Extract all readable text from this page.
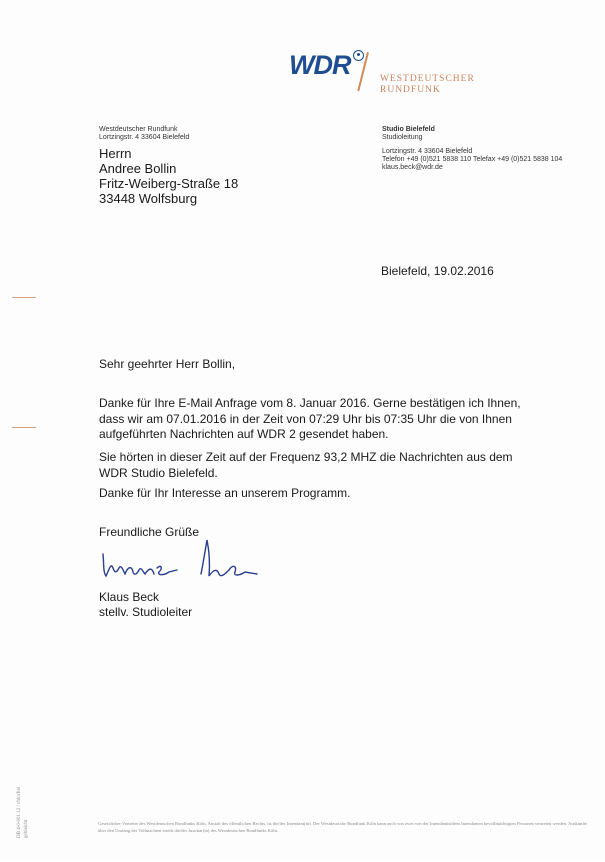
WDR	WESTDEUTSCHER
RUNDFUNK
Westdeutscher Rundfunk
Lortzingstr. 4 33604 Bielefeld
Herrn
Andree Bollin
Fritz-Weiberg-Straße 18
33448 Wolfsburg
Studio Bielefeld
Studioleitung
Lortzingstr. 4 33604 Bielefeld
Telefon +49 (0)521 5838 110 Telefax +49 (0)521 5838 104
klaus.beck@wdr.de
Bielefeld, 19.02.2016
Sehr geehrter Herr Bollin,
Danke für Ihre E-Mail Anfrage vom 8. Januar 2016. Gerne bestätigen ich Ihnen, dass wir am 07.01.2016 in der Zeit von 07:29 Uhr bis 07:35 Uhr die von Ihnen aufgeführten Nachrichten auf WDR 2 gesendet haben.
Sie hörten in dieser Zeit auf der Frequenz 93,2 MHZ die Nachrichten aus dem WDR Studio Bielefeld.
Danke für Ihr Interesse an unserem Programm.
Freundliche Grüße
Klaus Beck
stellv. Studioleiter
DB 4-0-001 12 / chlorfrei gebleicht	Gesetzlicher Vertreter des Westdeutschen Rundfunks Köln, Anstalt des öffentlichen Rechts, ist die/der Intendant(in). Der Westdeutsche Rundfunk Köln kann auch von zwei von der Intendantin/dem Intendanten bevollmächtigten Personen vertreten werden. Auskünfte über den Umfang der Vollmachten erteilt die/der Justitiar(in) des Westdeutschen Rundfunks Köln.
